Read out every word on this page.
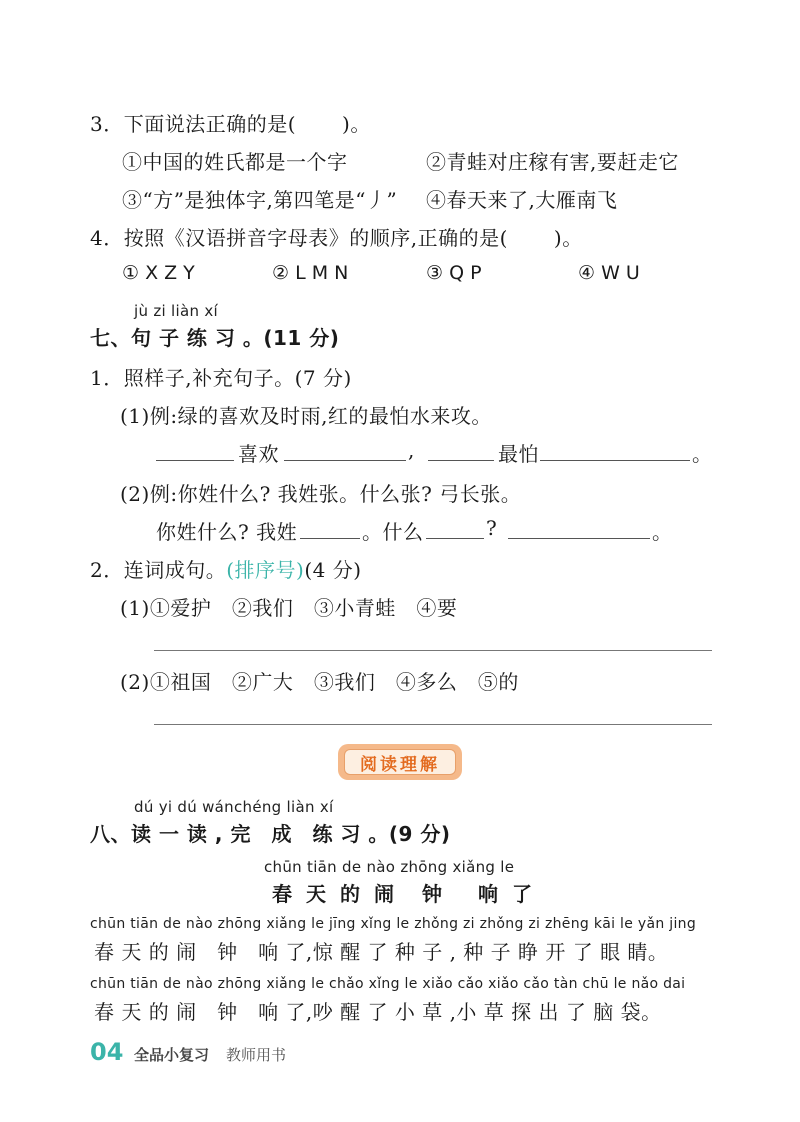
3．下面说法正确的是( )。
①中国的姓氏都是一个字	②青蛙对庄稼有害,要赶走它
③“方”是独体字,第四笔是“丿” ④春天来了,大雁南飞
4．按照《汉语拼音字母表》的顺序,正确的是( )。
① X Z Y	② L M N	③ Q P	④ W U
jù zi liàn xí
七、句 子 练 习 。(11 分)
1．照样子,补充句子。(7 分)
(1)例:绿的喜欢及时雨,红的最怕水来攻。
喜欢	,	最怕	。
(2)例:你姓什么? 我姓张。什么张? 弓长张。
你姓什么? 我姓	。什么	?	。
2．连词成句。(排序号)(4 分)
(1)①爱护　②我们　③小青蛙　④要
(2)①祖国　②广大　③我们　④多么　⑤的
阅读理解
dú yi dú wánchéng liàn xí
八、读 一 读 , 完　成　练 习 。(9 分)
chūn tiān de nào zhōng xiǎng le
春 天 的 闹 钟 响 了
chūn tiān de nào zhōng xiǎng le jīng xǐng le zhǒng zi zhǒng zi zhēng kāi le yǎn jing
春 天 的 闹　钟　响 了,惊 醒 了 种 子 , 种 子 睁 开 了 眼 睛。
chūn tiān de nào zhōng xiǎng le chǎo xǐng le xiǎo cǎo xiǎo cǎo tàn chū le nǎo dai
春 天 的 闹　钟　响 了,吵 醒 了 小 草 ,小 草 探 出 了 脑 袋。
04 全品小复习 教师用书
